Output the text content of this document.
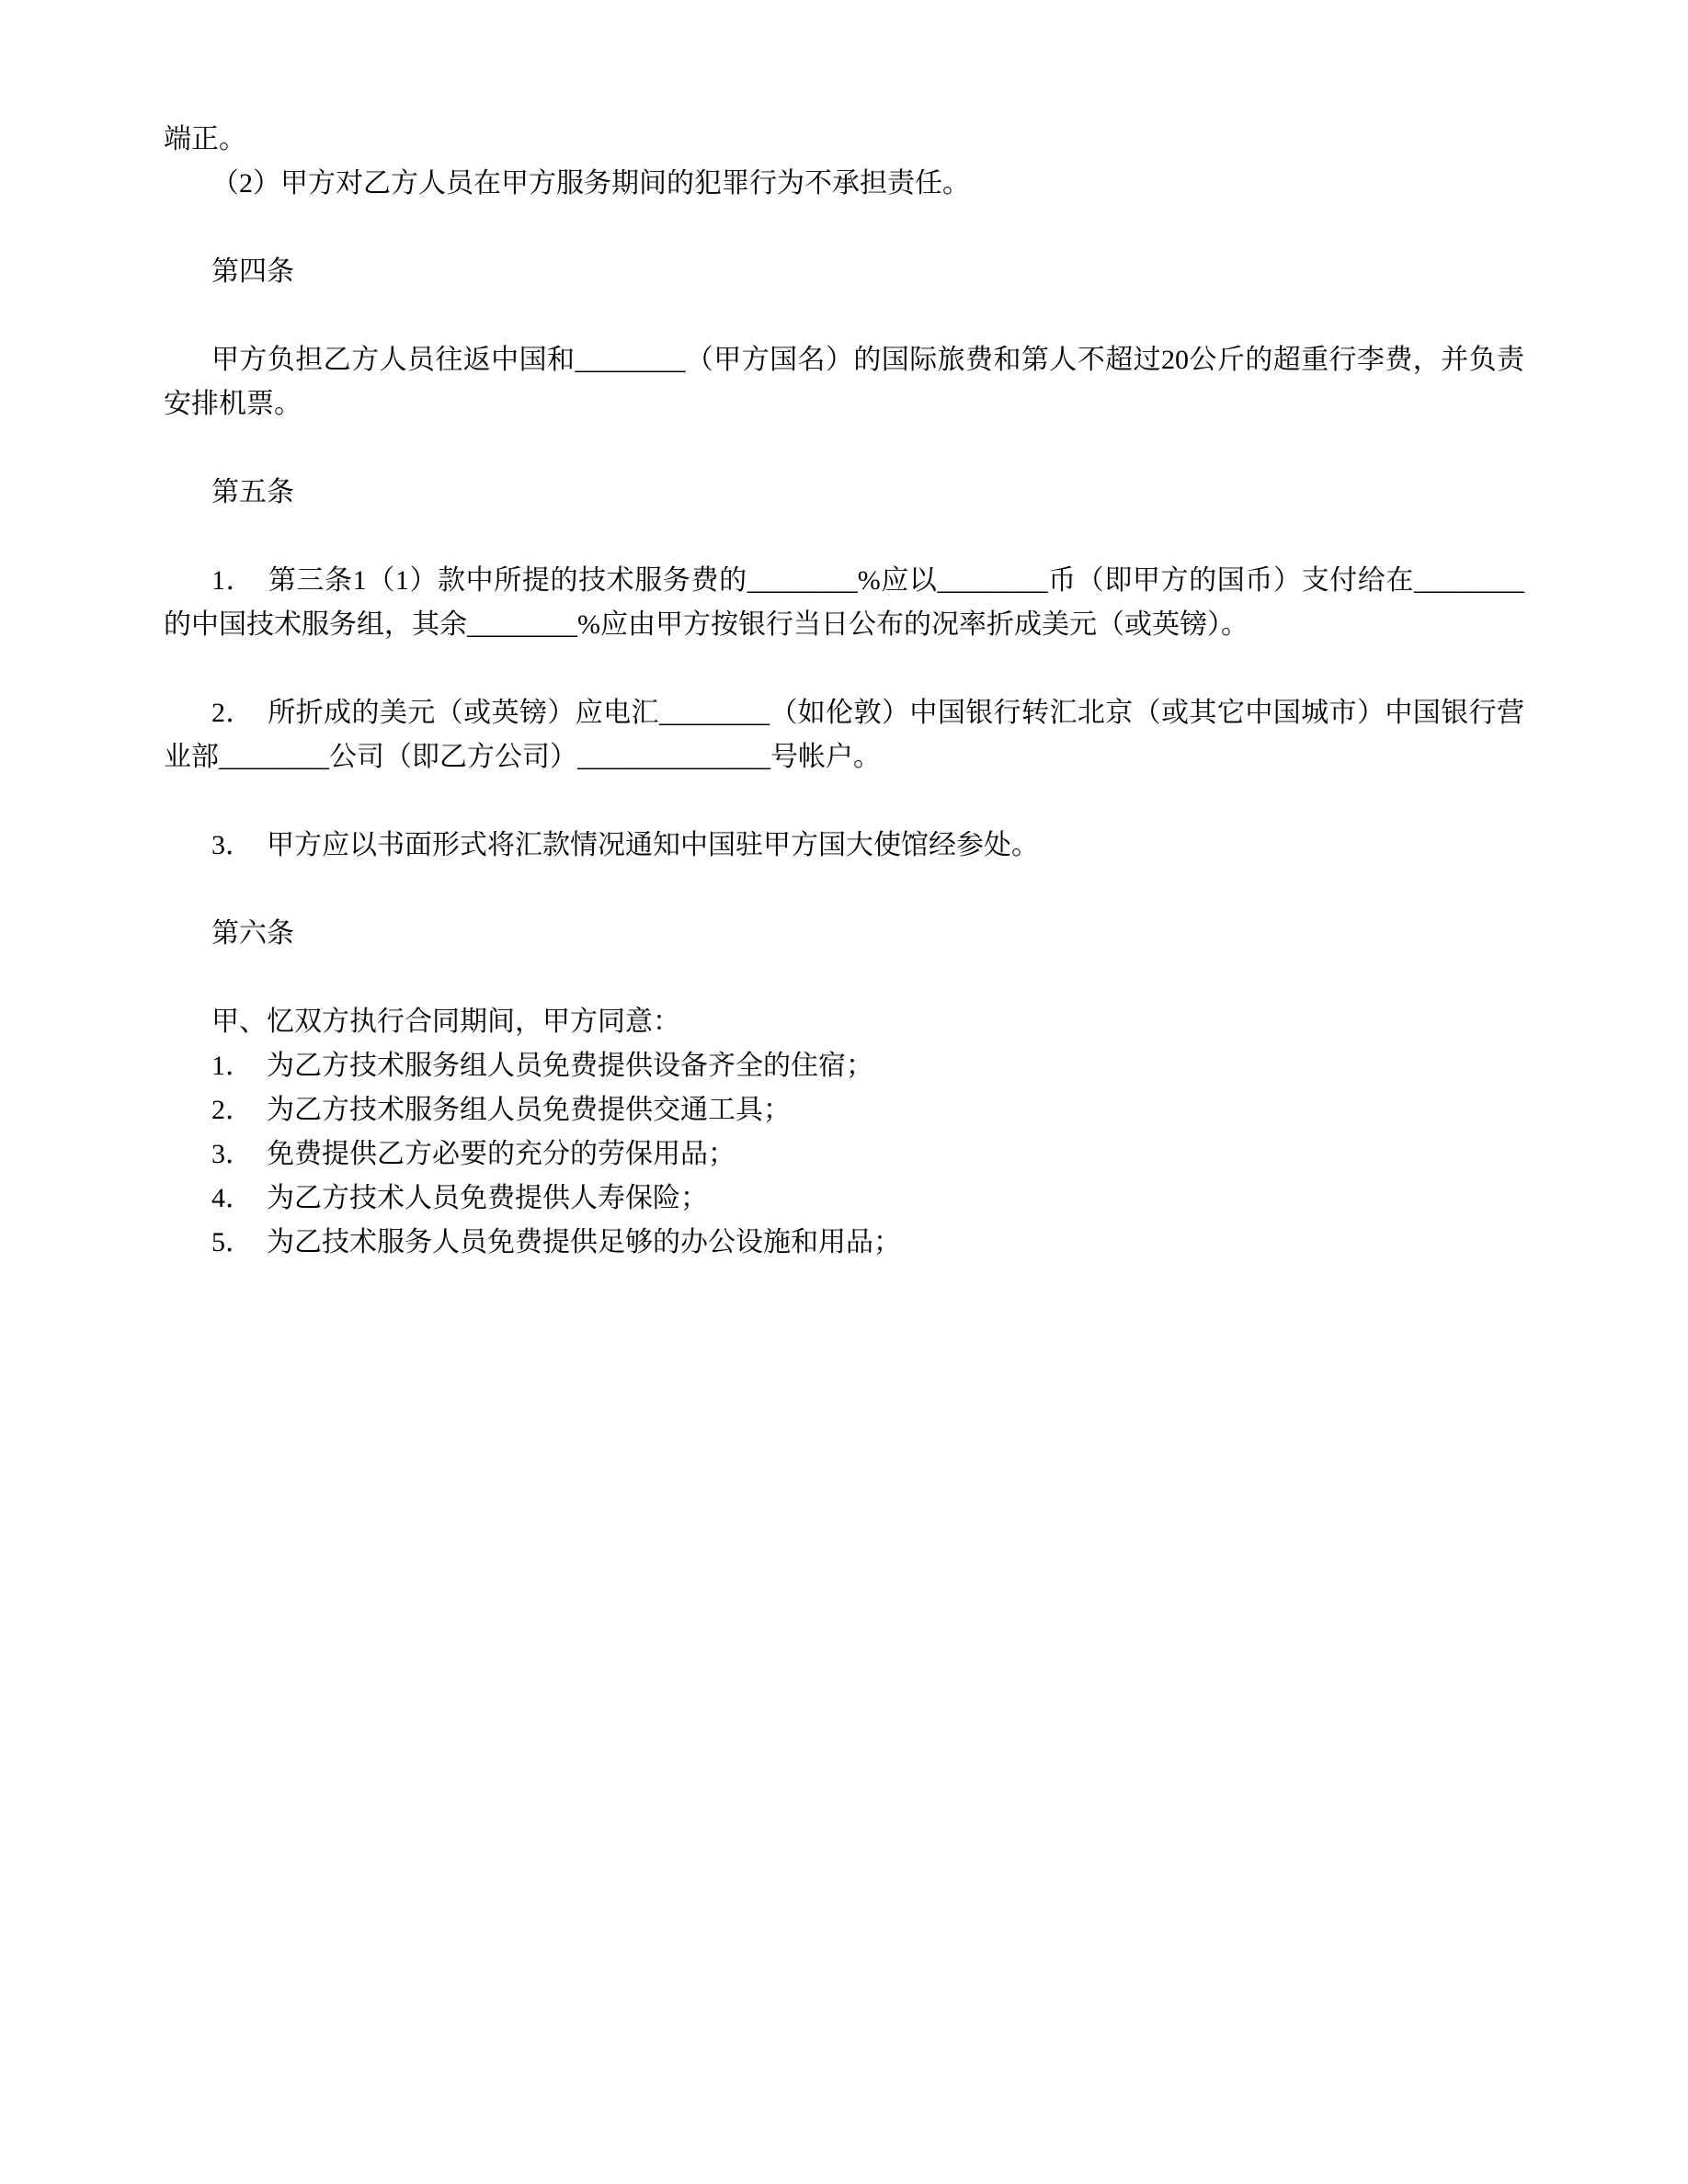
端正。
（2）甲方对乙方人员在甲方服务期间的犯罪行为不承担责任。
第四条
甲方负担乙方人员往返中国和________（甲方国名）的国际旅费和第人不超过20公斤的超重行李费，并负责安排机票。
第五条
1．　第三条1（1）款中所提的技术服务费的________%应以________币（即甲方的国币）支付给在________的中国技术服务组，其余________%应由甲方按银行当日公布的况率折成美元（或英镑）。
2．　所折成的美元（或英镑）应电汇________（如伦敦）中国银行转汇北京（或其它中国城市）中国银行营业部________公司（即乙方公司）______________号帐户。
3．　甲方应以书面形式将汇款情况通知中国驻甲方国大使馆经参处。
第六条
甲、忆双方执行合同期间，甲方同意：
1．　为乙方技术服务组人员免费提供设备齐全的住宿；
2．　为乙方技术服务组人员免费提供交通工具；
3．　免费提供乙方必要的充分的劳保用品；
4．　为乙方技术人员免费提供人寿保险；
5．　为乙技术服务人员免费提供足够的办公设施和用品；
